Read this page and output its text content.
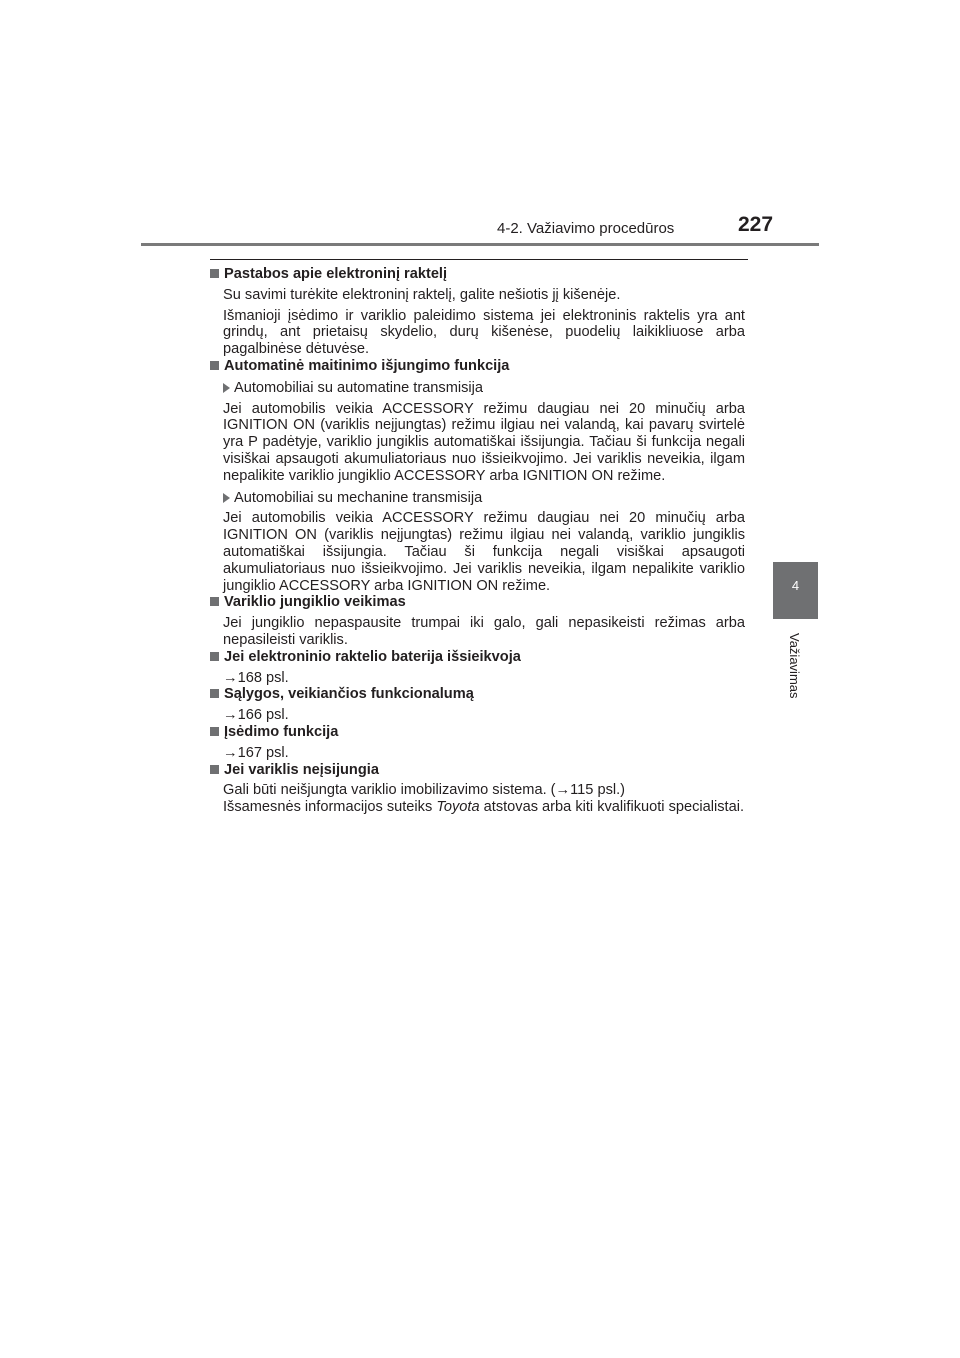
4-2. Važiavimo procedūros	227
4
Važiavimas
Pastabos apie elektroninį raktelį
Su savimi turėkite elektroninį raktelį, galite nešiotis jį kišenėje.
Išmanioji įsėdimo ir variklio paleidimo sistema jei elektroninis raktelis yra ant grindų, ant prietaisų skydelio, durų kišenėse, puodelių laikikliuose arba pagalbinėse dėtuvėse.
Automatinė maitinimo išjungimo funkcija
Automobiliai su automatine transmisija
Jei automobilis veikia ACCESSORY režimu daugiau nei 20 minučių arba IGNITION ON (variklis neįjungtas) režimu ilgiau nei valandą, kai pavarų svirtelė yra P padėtyje, variklio jungiklis automatiškai išsijungia. Tačiau ši funkcija negali visiškai apsaugoti akumuliatoriaus nuo išsieikvojimo. Jei variklis neveikia, ilgam nepalikite variklio jungiklio ACCESSORY arba IGNITION ON režime.
Automobiliai su mechanine transmisija
Jei automobilis veikia ACCESSORY režimu daugiau nei 20 minučių arba IGNITION ON (variklis neįjungtas) režimu ilgiau nei valandą, variklio jungiklis automatiškai išsijungia. Tačiau ši funkcija negali visiškai apsaugoti akumuliatoriaus nuo išsieikvojimo. Jei variklis neveikia, ilgam nepalikite variklio jungiklio ACCESSORY arba IGNITION ON režime.
Variklio jungiklio veikimas
Jei jungiklio nepaspausite trumpai iki galo, gali nepasikeisti režimas arba nepasileisti variklis.
Jei elektroninio raktelio baterija išsieikvoja
→168 psl.
Sąlygos, veikiančios funkcionalumą
→166 psl.
Įsėdimo funkcija
→167 psl.
Jei variklis neįsijungia
Gali būti neišjungta variklio imobilizavimo sistema. (→115 psl.)
Išsamesnės informacijos suteiks Toyota atstovas arba kiti kvalifikuoti specialistai.
